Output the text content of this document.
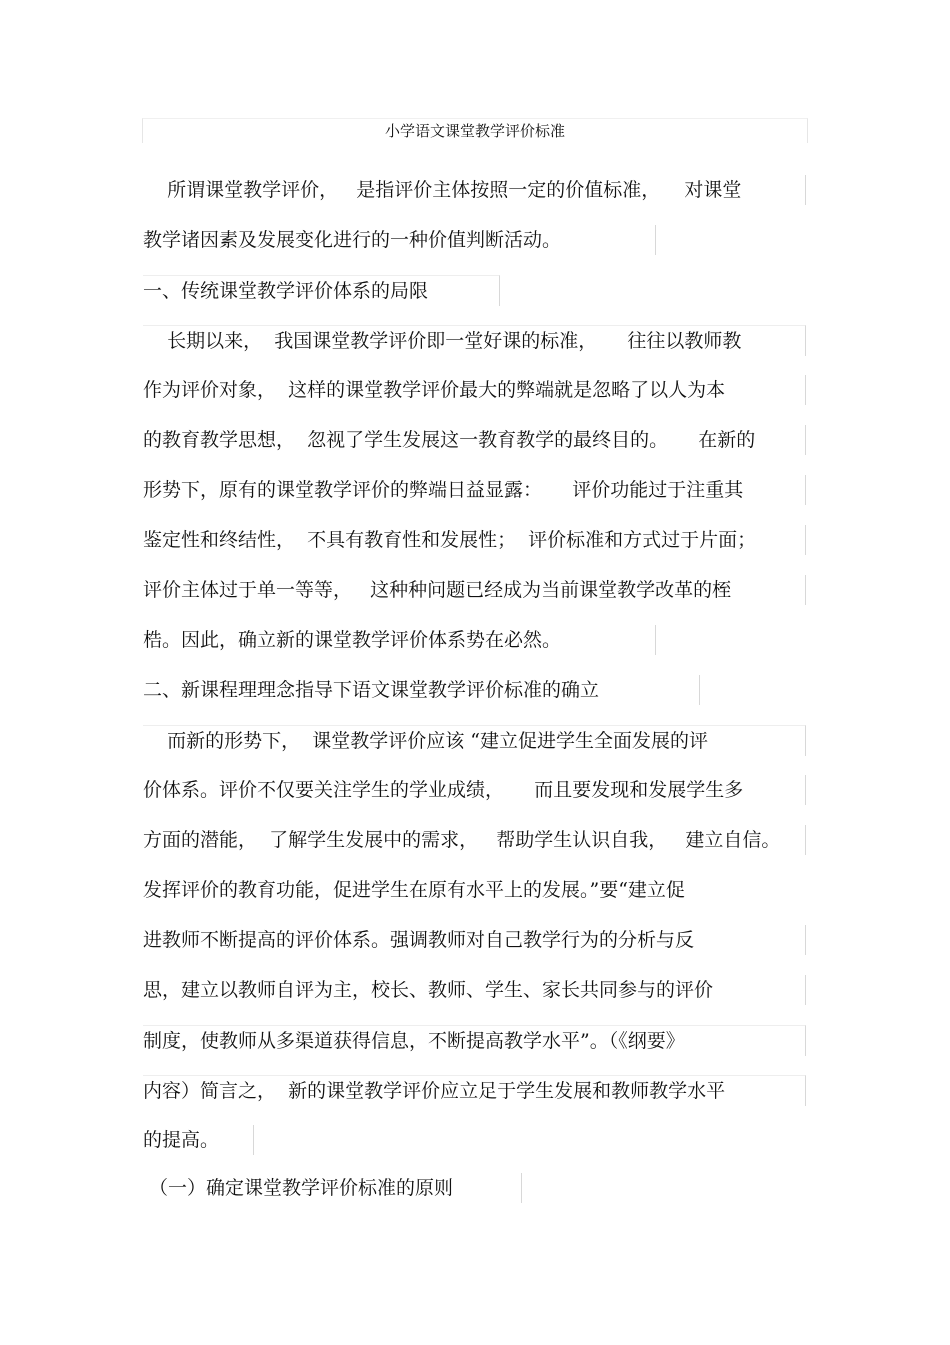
小学语文课堂教学评价标准
所谓课堂教学评价，   是指评价主体按照一定的价值标准，    对课堂
教学诸因素及发展变化进行的一种价值判断活动。
一、传统课堂教学评价体系的局限
长期以来，  我国课堂教学评价即一堂好课的标准，     往往以教师教
作为评价对象，  这样的课堂教学评价最大的弊端就是忽略了以人为本
的教育教学思想，  忽视了学生发展这一教育教学的最终目的。     在新的
形势下，原有的课堂教学评价的弊端日益显露：     评价功能过于注重其
鉴定性和终结性，  不具有教育性和发展性；  评价标准和方式过于片面；
评价主体过于单一等等，   这种种问题已经成为当前课堂教学改革的桎
梏。因此，确立新的课堂教学评价体系势在必然。
二、新课程理理念指导下语文课堂教学评价标准的确立
而新的形势下，  课堂教学评价应该 “建立促进学生全面发展的评
价体系。评价不仅要关注学生的学业成绩，     而且要发现和发展学生多
方面的潜能，  了解学生发展中的需求，   帮助学生认识自我，   建立自信。
发挥评价的教育功能，促进学生在原有水平上的发展。”要“建立促
进教师不断提高的评价体系。强调教师对自己教学行为的分析与反
思，建立以教师自评为主，校长、教师、学生、家长共同参与的评价
制度，使教师从多渠道获得信息，不断提高教学水平”。（《纲要》
内容）简言之，  新的课堂教学评价应立足于学生发展和教师教学水平
的提高。
（一）确定课堂教学评价标准的原则
